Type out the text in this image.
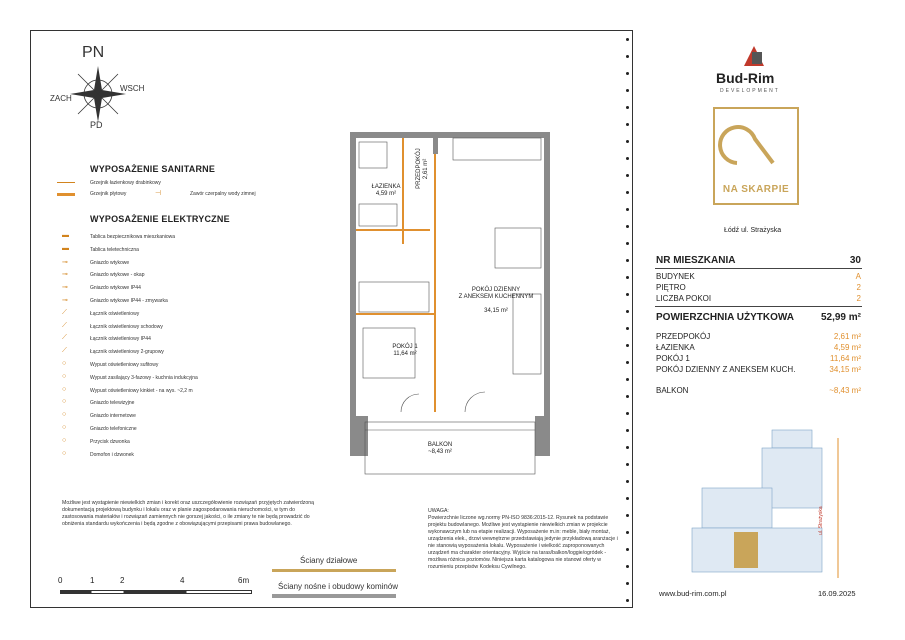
PN
PD
WSCH
ZACH
WYPOSAŻENIE SANITARNE
Grzejnik łazienkowy drabinkowy
Grzejnik płytowy	⊣	Zawór czerpalny wody zimnej
WYPOSAŻENIE ELEKTRYCZNE
▬	Tablica bezpiecznikowa mieszkaniowa
▬	Tablica teletechniczna
⊸	Gniazdo wtykowe
⊸	Gniazdo wtykowe - okap
⊸	Gniazdo wtykowe IP44
⊸	Gniazdo wtykowe IP44 - zmywarka
⟋	Łącznik oświetleniowy
⟋	Łącznik oświetleniowy schodowy
⟋	Łącznik oświetleniowy IP44
⟋	Łącznik oświetleniowy 2-grupowy
○	Wypust oświetleniowy sufitowy
○	Wypust zasilający 3-fazowy - kuchnia indukcyjna
○	Wypust oświetleniowy kinkiet - na wys. ~2,2 m
○	Gniazdo telewizyjne
○	Gniazdo internetowe
○	Gniazdo telefoniczne
○	Przycisk dzwonka
○	Domofon i dzwonek
ŁAZIENKA
4,59 m²
PRZEDPOKÓJ 2,61 m²

POKÓJ DZIENNY
Z ANEKSEM KUCHENNYM

34,15 m²

POKÓJ 1
11,64 m²
BALKON
~8,43 m²
Możliwe jest wystąpienie niewielkich zmian i korekt oraz uszczegółowienie rozwiązań przyjętych zatwierdzoną dokumentacją projektową budynku i lokalu oraz w planie zagospodarowania nieruchomości, w tym do zastosowania materiałów i rozwiązań zamiennych nie gorszej jakości, o ile zmiany te nie będą prowadzić do obniżenia standardu wykończenia i będą zgodne z obowiązującymi przepisami prawa budowlanego.
UWAGA:
Powierzchnie liczone wg.normy PN-ISO 9836:2015-12. Rysunek na podstawie projektu budowlanego. Możliwe jest wystąpienie niewielkich zmian w projekcie wykonawczym lub na etapie realizacji. Wyposażenie m.in: meble, biały montaż, urządzenia elek., drzwi wewnętrzne przedstawiają jedynie przykładową aranżacje i nie stanowią wyposażenia lokalu. Wyposażenie i wielkość zaproponowanych urządzeń ma charakter orientacyjny. Wyjście na taras/balkon/loggie/ogródek - możliwa różnica poziomów. Niniejsza karta katalogowa nie stanowi oferty w rozumieniu przepisów Kodeksu Cywilnego.
Ściany działowe
Ściany nośne i obudowy kominów
0	1	2	4	6m
Bud-Rim
DEVELOPMENT
NA SKARPIE
Łódź ul. Strażyska
NR MIESZKANIA	30
BUDYNEK	A
PIĘTRO	2
LICZBA POKOI	2
POWIERZCHNIA UŻYTKOWA	52,99 m²
PRZEDPOKÓJ	2,61 m²
ŁAZIENKA	4,59 m²
POKÓJ 1	11,64 m²
POKÓJ DZIENNY Z ANEKSEM KUCH.	34,15 m²
BALKON	~8,43 m²
ul. Strażyska
www.bud-rim.com.pl	16.09.2025
